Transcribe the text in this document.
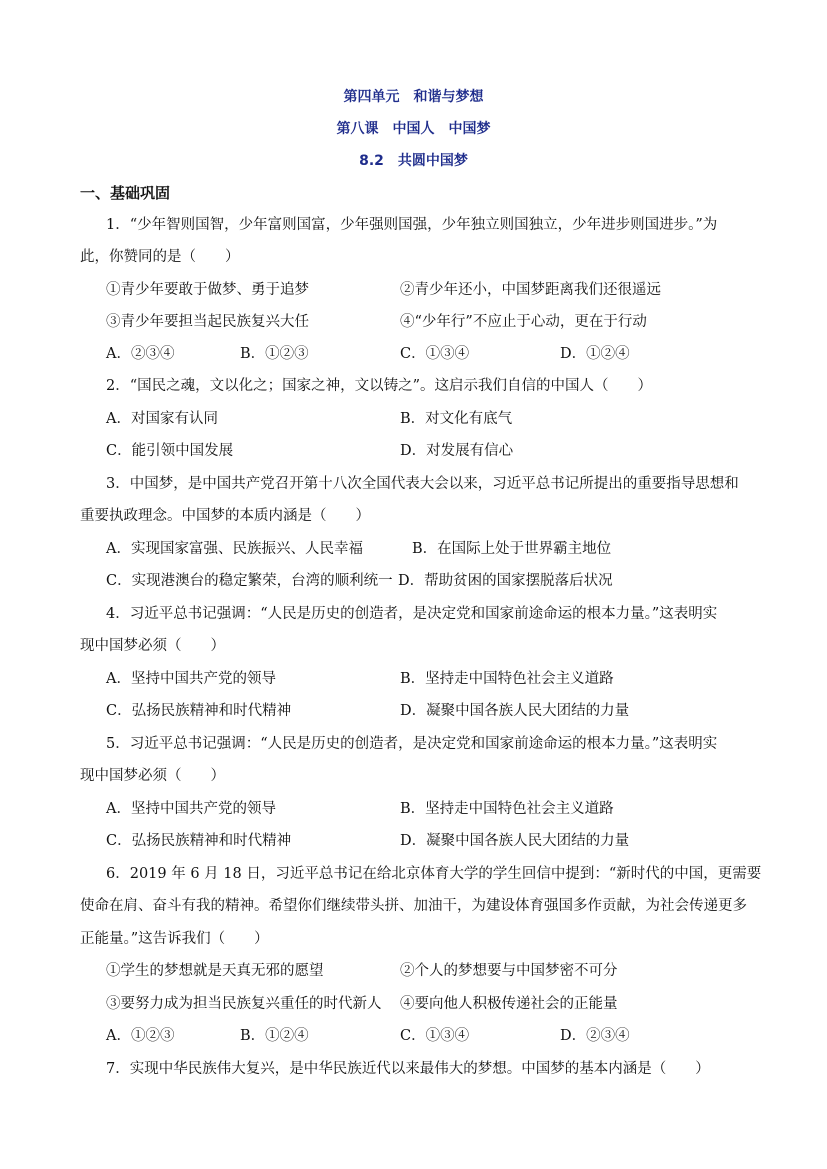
第四单元　和谐与梦想
第八课　中国人　中国梦
8.2　共圆中国梦
一、基础巩固
1．“少年智则国智，少年富则国富，少年强则国强，少年独立则国独立，少年进步则国进步。”为
此，你赞同的是（　　）
①青少年要敢于做梦、勇于追梦	②青少年还小，中国梦距离我们还很遥远
③青少年要担当起民族复兴大任	④“少年行”不应止于心动，更在于行动
A．②③④	B．①②③	C．①③④	D．①②④
2．“国民之魂，文以化之；国家之神，文以铸之”。这启示我们自信的中国人（　　）
A．对国家有认同	B．对文化有底气
C．能引领中国发展	D．对发展有信心
3．中国梦，是中国共产党召开第十八次全国代表大会以来，习近平总书记所提出的重要指导思想和
重要执政理念。中国梦的本质内涵是（　　）
A．实现国家富强、民族振兴、人民幸福	B．在国际上处于世界霸主地位
C．实现港澳台的稳定繁荣，台湾的顺利统一 D．帮助贫困的国家摆脱落后状况
4．习近平总书记强调：“人民是历史的创造者，是决定党和国家前途命运的根本力量。”这表明实
现中国梦必须（　　）
A．坚持中国共产党的领导	B．坚持走中国特色社会主义道路
C．弘扬民族精神和时代精神	D．凝聚中国各族人民大团结的力量
5．习近平总书记强调：“人民是历史的创造者，是决定党和国家前途命运的根本力量。”这表明实
现中国梦必须（　　）
A．坚持中国共产党的领导	B．坚持走中国特色社会主义道路
C．弘扬民族精神和时代精神	D．凝聚中国各族人民大团结的力量
6．2019 年 6 月 18 日，习近平总书记在给北京体育大学的学生回信中提到：“新时代的中国，更需要
使命在肩、奋斗有我的精神。希望你们继续带头拼、加油干，为建设体育强国多作贡献，为社会传递更多
正能量。”这告诉我们（　　）
①学生的梦想就是天真无邪的愿望	②个人的梦想要与中国梦密不可分
③要努力成为担当民族复兴重任的时代新人 ④要向他人积极传递社会的正能量
A．①②③	B．①②④	C．①③④	D．②③④
7．实现中华民族伟大复兴，是中华民族近代以来最伟大的梦想。中国梦的基本内涵是（　　）
